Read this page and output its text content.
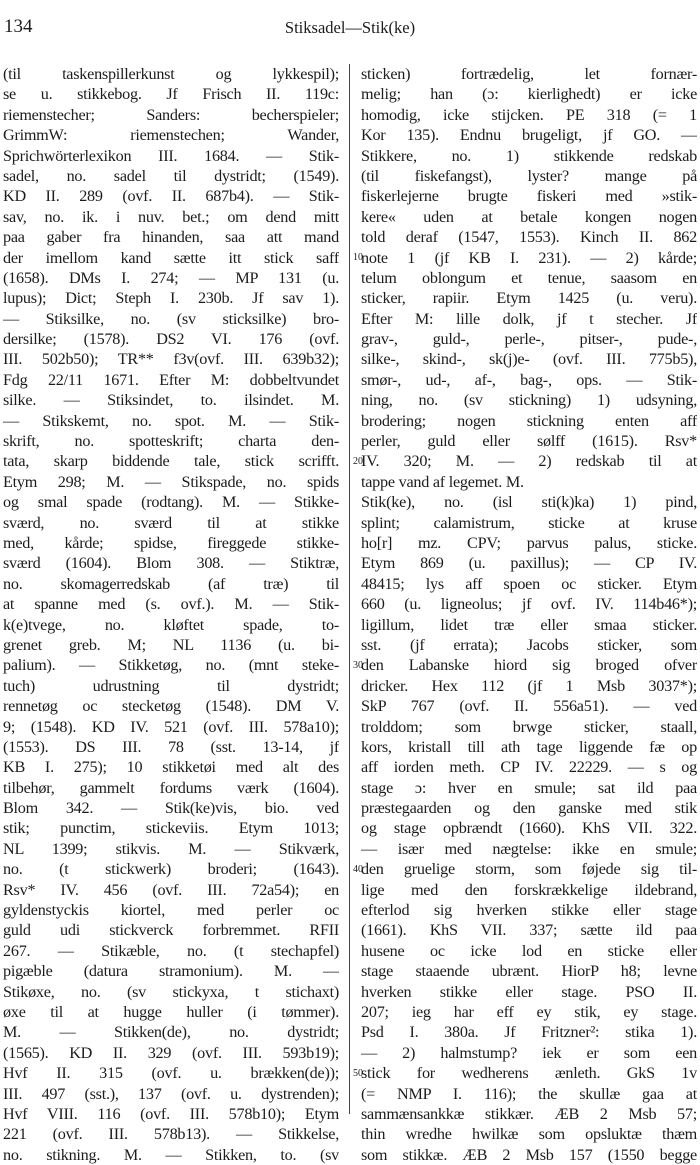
134	Stiksadel—Stik(ke)
(til taskenspillerkunst og lykkespil);
se u. stikkebog. Jf Frisch II. 119c:
riemenstecher; Sanders: becherspieler;
GrimmW: riemenstechen; Wander,
Sprichwörterlexikon III. 1684. — Stik-
sadel, no. sadel til dystridt; (1549).
KD II. 289 (ovf. II. 687b4). — Stik-
sav, no. ik. i nuv. bet.; om dend mitt
paa gaber fra hinanden, saa att mand
der imellom kand sætte itt stick saff
(1658). DMs I. 274; — MP 131 (u.
lupus); Dict; Steph I. 230b. Jf sav 1).
— Stiksilke, no. (sv sticksilke) bro-
dersilke; (1578). DS2 VI. 176 (ovf.
III. 502b50); TR** f3v(ovf. III. 639b32);
Fdg 22/11 1671. Efter M: dobbeltvundet
silke. — Stiksindet, to. ilsindet. M.
— Stikskemt, no. spot. M. — Stik-
skrift, no. spotteskrift; charta den-
tata, skarp biddende tale, stick scrifft.
Etym 298; M. — Stikspade, no. spids
og smal spade (rodtang). M. — Stikke-
sværd, no. sværd til at stikke
med, kårde; spidse, fireggede stikke-
sværd (1604). Blom 308. — Stiktræ,
no. skomagerredskab (af træ) til
at spanne med (s. ovf.). M. — Stik-
k(e)tvege, no. kløftet spade, to-
grenet greb. M; NL 1136 (u. bi-
palium). — Stikketøg, no. (mnt steke-
tuch) udrustning til dystridt;
rennetøg oc stecketøg (1548). DM V.
9; (1548). KD IV. 521 (ovf. III. 578a10);
(1553). DS III. 78 (sst. 13-14, jf
KB I. 275); 10 stikketøi med alt des
tilbehør, gammelt fordums værk (1604).
Blom 342. — Stik(ke)vis, bio. ved
stik; punctim, stickeviis. Etym 1013;
NL 1399; stikvis. M. — Stikværk,
no. (t stickwerk) broderi; (1643).
Rsv* IV. 456 (ovf. III. 72a54); en
gyldenstyckis kiortel, med perler oc
guld udi stickverck forbremmet. RFII
267. — Stikæble, no. (t stechapfel)
pigæble (datura stramonium). M. —
Stikøxe, no. (sv stickyxa, t stichaxt)
øxe til at hugge huller (i tømmer).
M. — Stikken(de), no. dystridt;
(1565). KD II. 329 (ovf. III. 593b19);
Hvf II. 315 (ovf. u. brækken(de));
III. 497 (sst.), 137 (ovf. u. dystrenden);
Hvf VIII. 116 (ovf. III. 578b10); Etym
221 (ovf. III. 578b13). — Stikkelse,
no. stikning. M. — Stikken, to. (sv
sticken) fortrædelig, let fornær-
melig; han (ɔ: kierlighedt) er icke
homodig, icke stijcken. PE 318 (= 1
Kor 135). Endnu brugeligt, jf GO. —
Stikkere, no. 1) stikkende redskab
(til fiskefangst), lyster? mange på
fiskerlejerne brugte fiskeri med »stik-
kere« uden at betale kongen nogen
told deraf (1547, 1553). Kinch II. 862
note 1 (jf KB I. 231). — 2) kårde;
telum oblongum et tenue, saasom en
sticker, rapiir. Etym 1425 (u. veru).
Efter M: lille dolk, jf t stecher. Jf
grav-, guld-, perle-, pitser-, pude-,
silke-, skind-, sk(j)e- (ovf. III. 775b5),
smør-, ud-, af-, bag-, ops. — Stik-
ning, no. (sv stickning) 1) udsyning,
brodering; nogen stickning enten aff
perler, guld eller sølff (1615). Rsv*
IV. 320; M. — 2) redskab til at
tappe vand af legemet. M.
Stik(ke), no. (isl sti(k)ka) 1) pind,
splint; calamistrum, sticke at kruse
ho[r] mz. CPV; parvus palus, sticke.
Etym 869 (u. paxillus); — CP IV.
48415; lys aff spoen oc sticker. Etym
660 (u. ligneolus; jf ovf. IV. 114b46*);
ligillum, lidet træ eller smaa sticker.
sst. (jf errata); Jacobs sticker, som
den Labanske hiord sig broged ofver
dricker. Hex 112 (jf 1 Msb 3037*);
SkP 767 (ovf. II. 556a51). — ved
trolddom; som brwge sticker, staall,
kors, kristall till ath tage liggende fæ op
aff iorden meth. CP IV. 22229. — s og
stage ɔ: hver en smule; sat ild paa
præstegaarden og den ganske med stik
og stage opbrændt (1660). KhS VII. 322.
— især med nægtelse: ikke en smule;
den gruelige storm, som føjede sig til-
lige med den forskrækkelige ildebrand,
efterlod sig hverken stikke eller stage
(1661). KhS VII. 337; sætte ild paa
husene oc icke lod en sticke eller
stage staaende ubrænt. HiorP h8; levne
hverken stikke eller stage. PSO II.
207; ieg har eff ey stik, ey stage.
Psd I. 380a. Jf Fritzner²: stika 1).
— 2) halmstump? iek er som een
stick for wedherens ænleth. GkS 1v
(= NMP I. 116); the skullæ gaa at
sammænsankkæ stikkær. ÆB 2 Msb 57;
thin wredhe hwilkæ som opsluktæ thæm
som stikkæ. ÆB 2 Msb 157 (1550 begge
10
20
30
40
50
